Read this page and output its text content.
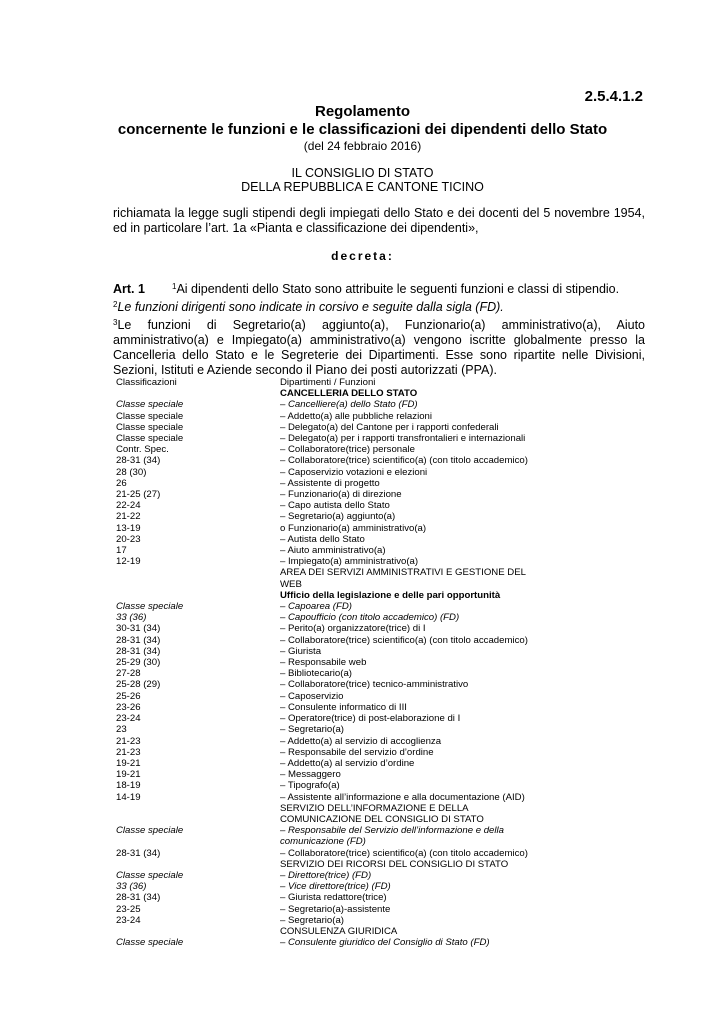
2.5.4.1.2
Regolamento
concernente le funzioni e le classificazioni dei dipendenti dello Stato
(del 24 febbraio 2016)
IL CONSIGLIO DI STATO
DELLA REPUBBLICA E CANTONE TICINO
richiamata la legge sugli stipendi degli impiegati dello Stato e dei docenti del 5 novembre 1954, ed in particolare l’art. 1a «Pianta e classificazione dei dipendenti»,
decreta:

Art. 1	$^1$Ai dipendenti dello Stato sono attribuite le seguenti funzioni e classi di stipendio.

$^2$Le funzioni dirigenti sono indicate in corsivo e seguite dalla sigla (FD).

$^3$Le funzioni di Segretario(a) aggiunto(a), Funzionario(a) amministrativo(a), Aiuto amministrativo(a) e Impiegato(a) amministrativo(a) vengono iscritte globalmente presso la Cancelleria dello Stato e le Segreterie dei Dipartimenti. Esse sono ripartite nelle Divisioni, Sezioni, Istituti e Aziende secondo il Piano dei posti autorizzati (PPA).

Classificazioni	Dipartimenti / Funzioni
CANCELLERIA DELLO STATO
Classe speciale	– Cancelliere(a) dello Stato (FD)
Classe speciale	– Addetto(a) alle pubbliche relazioni
Classe speciale	– Delegato(a) del Cantone per i rapporti confederali
Classe speciale	– Delegato(a) per i rapporti transfrontalieri e internazionali
Contr. Spec.	– Collaboratore(trice) personale
28-31 (34)	– Collaboratore(trice) scientifico(a) (con titolo accademico)
28 (30)	– Caposervizio votazioni e elezioni
26	– Assistente di progetto
21-25 (27)	– Funzionario(a) di direzione
22-24	– Capo autista dello Stato
21-22	– Segretario(a) aggiunto(a)
13-19	o Funzionario(a) amministrativo(a)
20-23	– Autista dello Stato
17	– Aiuto amministrativo(a)
12-19	– Impiegato(a) amministrativo(a)
AREA DEI SERVIZI AMMINISTRATIVI E GESTIONE DEL
WEB
Ufficio della legislazione e delle pari opportunità
Classe speciale	– Capoarea (FD)
33 (36)	– Capoufficio (con titolo accademico) (FD)
30-31 (34)	– Perito(a) organizzatore(trice) di I
28-31 (34)	– Collaboratore(trice) scientifico(a) (con titolo accademico)
28-31 (34)	– Giurista
25-29 (30)	– Responsabile web
27-28	– Bibliotecario(a)
25-28 (29)	– Collaboratore(trice) tecnico-amministrativo
25-26	– Caposervizio
23-26	– Consulente informatico di III
23-24	– Operatore(trice) di post-elaborazione di I
23	– Segretario(a)
21-23	– Addetto(a) al servizio di accoglienza
21-23	– Responsabile del servizio d’ordine
19-21	– Addetto(a) al servizio d’ordine
19-21	– Messaggero
18-19	– Tipografo(a)
14-19	– Assistente all’informazione e alla documentazione (AID)
SERVIZIO DELL’INFORMAZIONE E DELLA
COMUNICAZIONE DEL CONSIGLIO DI STATO
Classe speciale	– Responsabile del Servizio dell’informazione e della
comunicazione (FD)
28-31 (34)	– Collaboratore(trice) scientifico(a) (con titolo accademico)
SERVIZIO DEI RICORSI DEL CONSIGLIO DI STATO
Classe speciale	– Direttore(trice) (FD)
33 (36)	– Vice direttore(trice) (FD)
28-31 (34)	– Giurista redattore(trice)
23-25	– Segretario(a)-assistente
23-24	– Segretario(a)
CONSULENZA GIURIDICA
Classe speciale	– Consulente giuridico del Consiglio di Stato (FD)
